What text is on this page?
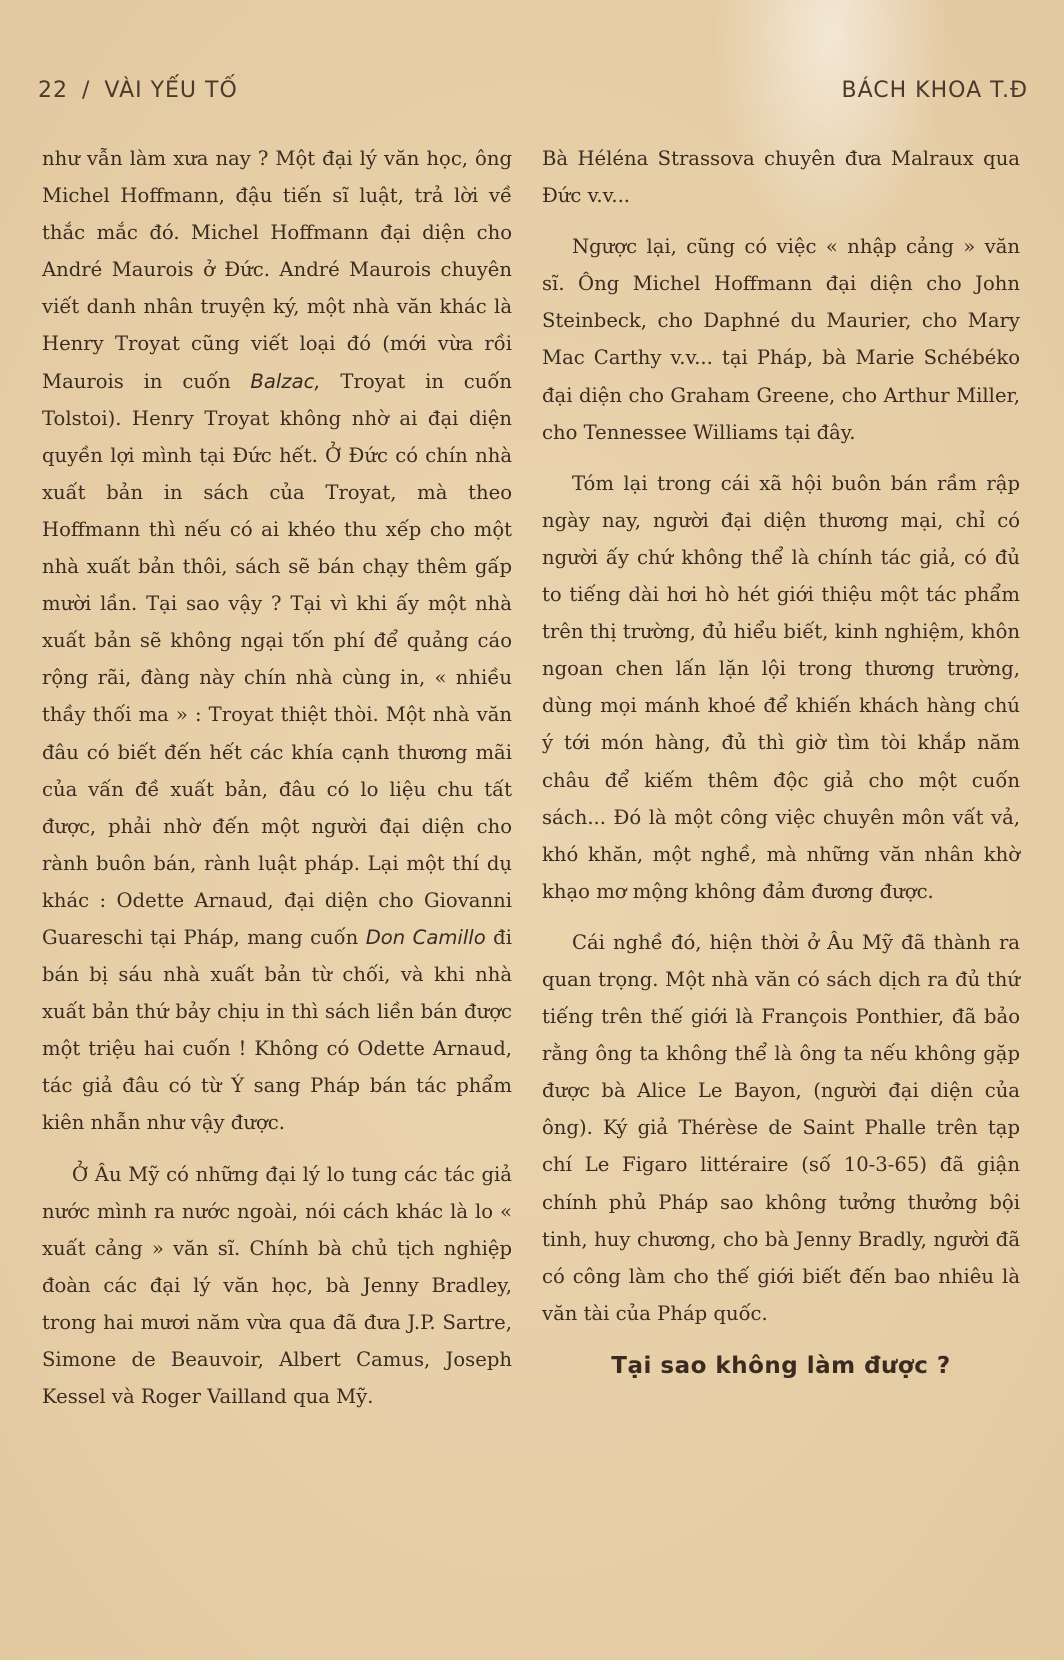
22 / VÀI YẾU TỐ	BÁCH KHOA T.Đ

như vẫn làm xưa nay ? Một đại lý văn học, ông Michel Hoffmann, đậu tiến sĩ luật, trả lời về thắc mắc đó. Michel Hoffmann đại diện cho André Maurois ở Đức. André Maurois chuyên viết danh nhân truyện ký, một nhà văn khác là Henry Troyat cũng viết loại đó (mới vừa rồi Maurois in cuốn Balzac, Troyat in cuốn Tolstoi). Henry Troyat không nhờ ai đại diện quyền lợi mình tại Đức hết. Ở Đức có chín nhà xuất bản in sách của Troyat, mà theo Hoffmann thì nếu có ai khéo thu xếp cho một nhà xuất bản thôi, sách sẽ bán chạy thêm gấp mười lần. Tại sao vậy ? Tại vì khi ấy một nhà xuất bản sẽ không ngại tốn phí để quảng cáo rộng rãi, đàng này chín nhà cùng in, « nhiều thầy thối ma » : Troyat thiệt thòi. Một nhà văn đâu có biết đến hết các khía cạnh thương mãi của vấn đề xuất bản, đâu có lo liệu chu tất được, phải nhờ đến một người đại diện cho rành buôn bán, rành luật pháp. Lại một thí dụ khác : Odette Arnaud, đại diện cho Giovanni Guareschi tại Pháp, mang cuốn Don Camillo đi bán bị sáu nhà xuất bản từ chối, và khi nhà xuất bản thứ bảy chịu in thì sách liền bán được một triệu hai cuốn ! Không có Odette Arnaud, tác giả đâu có từ Ý sang Pháp bán tác phẩm kiên nhẫn như vậy được.

Ở Âu Mỹ có những đại lý lo tung các tác giả nước mình ra nước ngoài, nói cách khác là lo « xuất cảng » văn sĩ. Chính bà chủ tịch nghiệp đoàn các đại lý văn học, bà Jenny Bradley, trong hai mươi năm vừa qua đã đưa J.P. Sartre, Simone de Beauvoir, Albert Camus, Joseph Kessel và Roger Vailland qua Mỹ.

Bà Héléna Strassova chuyên đưa Malraux qua Đức v.v...

Ngược lại, cũng có việc « nhập cảng » văn sĩ. Ông Michel Hoffmann đại diện cho John Steinbeck, cho Daphné du Maurier, cho Mary Mac Carthy v.v... tại Pháp, bà Marie Schébéko đại diện cho Graham Greene, cho Arthur Miller, cho Tennessee Williams tại đây.

Tóm lại trong cái xã hội buôn bán rầm rập ngày nay, người đại diện thương mại, chỉ có người ấy chứ không thể là chính tác giả, có đủ to tiếng dài hơi hò hét giới thiệu một tác phẩm trên thị trường, đủ hiểu biết, kinh nghiệm, khôn ngoan chen lấn lặn lội trong thương trường, dùng mọi mánh khoé để khiến khách hàng chú ý tới món hàng, đủ thì giờ tìm tòi khắp năm châu để kiếm thêm độc giả cho một cuốn sách... Đó là một công việc chuyên môn vất vả, khó khăn, một nghề, mà những văn nhân khờ khạo mơ mộng không đảm đương được.

Cái nghề đó, hiện thời ở Âu Mỹ đã thành ra quan trọng. Một nhà văn có sách dịch ra đủ thứ tiếng trên thế giới là François Ponthier, đã bảo rằng ông ta không thể là ông ta nếu không gặp được bà Alice Le Bayon, (người đại diện của ông). Ký giả Thérèse de Saint Phalle trên tạp chí Le Figaro littéraire (số 10-3-65) đã giận chính phủ Pháp sao không tưởng thưởng bội tinh, huy chương, cho bà Jenny Bradly, người đã có công làm cho thế giới biết đến bao nhiêu là văn tài của Pháp quốc.

Tại sao không làm được ?
